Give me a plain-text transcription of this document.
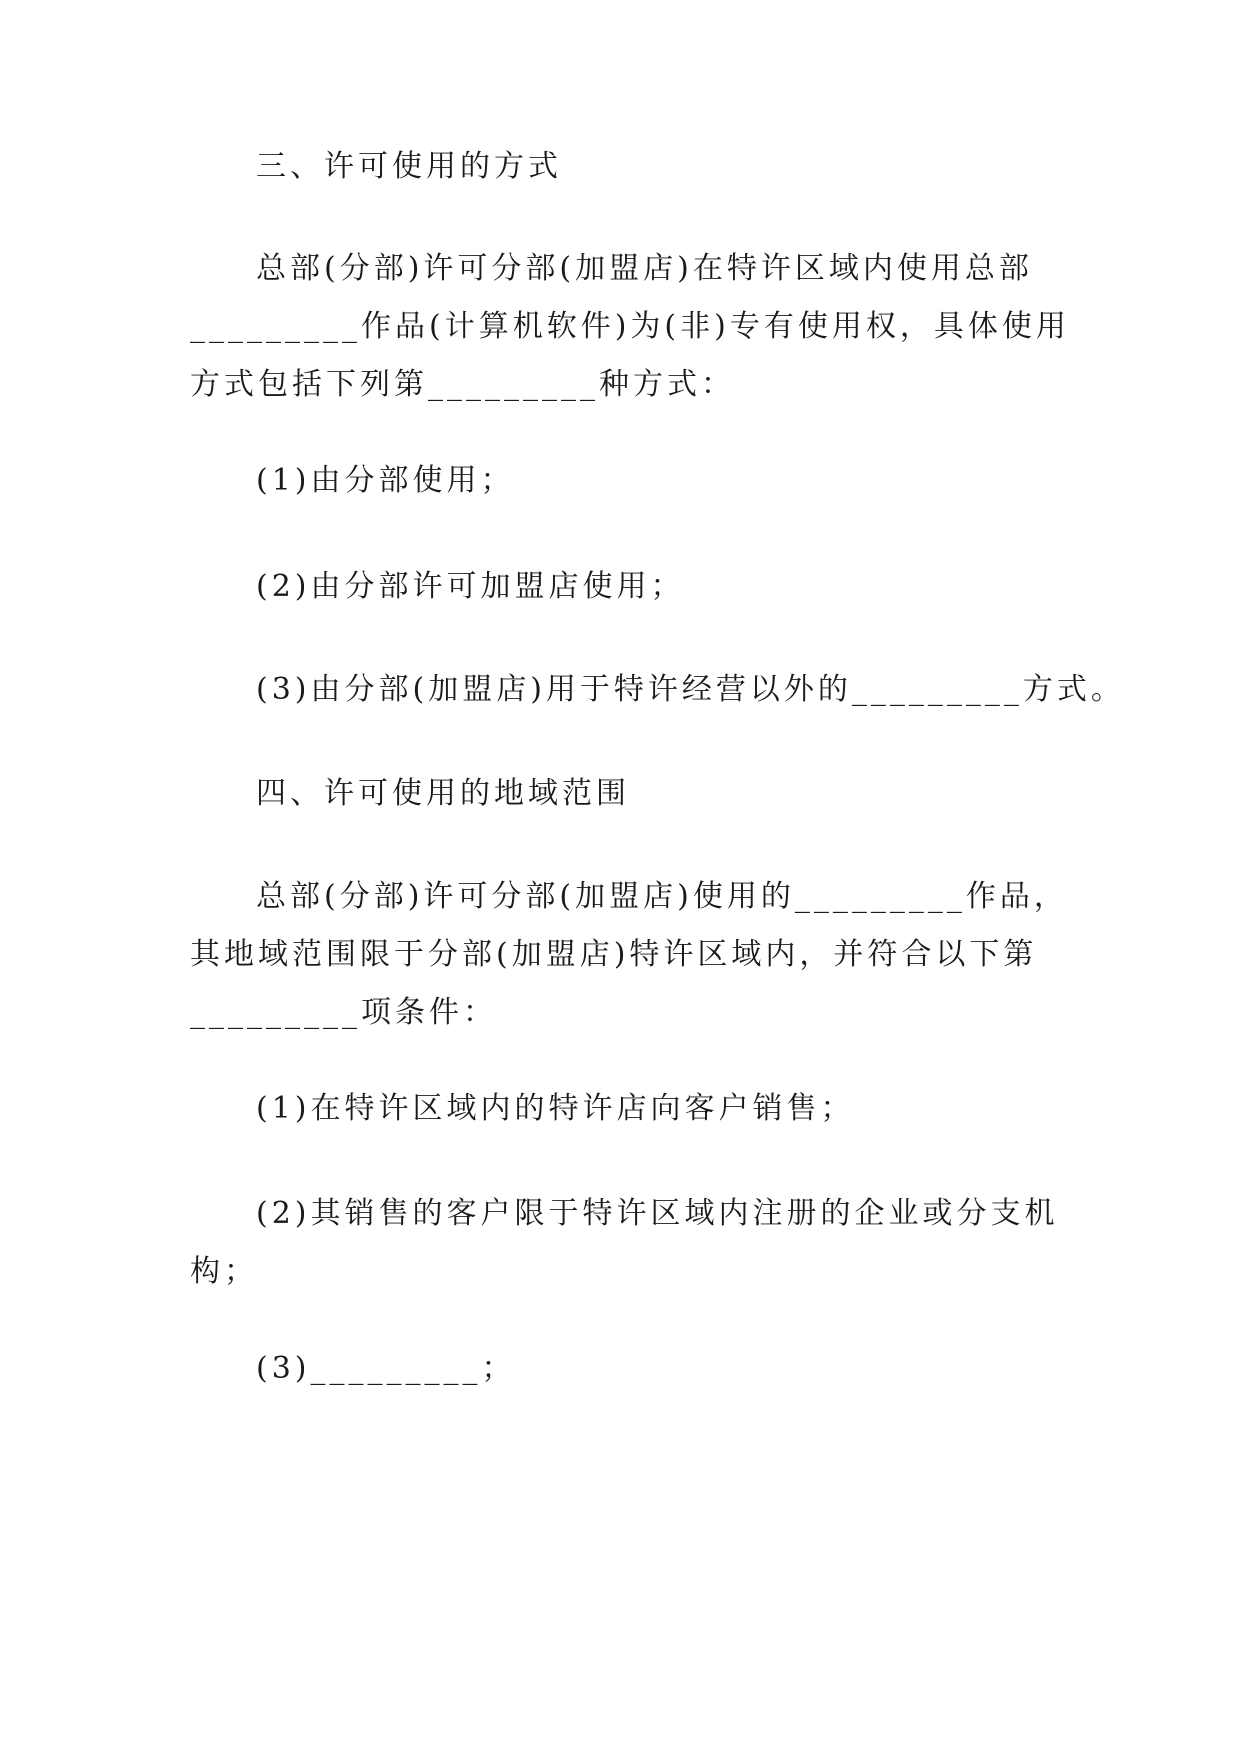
三、许可使用的方式

总部(分部)许可分部(加盟店)在特许区域内使用总部
_________作品(计算机软件)为(非)专有使用权，具体使用
方式包括下列第_________种方式：

(1)由分部使用；

(2)由分部许可加盟店使用；

(3)由分部(加盟店)用于特许经营以外的_________方式。

四、许可使用的地域范围

总部(分部)许可分部(加盟店)使用的_________作品，
其地域范围限于分部(加盟店)特许区域内，并符合以下第
_________项条件：

(1)在特许区域内的特许店向客户销售；

(2)其销售的客户限于特许区域内注册的企业或分支机
构；

(3)_________；
